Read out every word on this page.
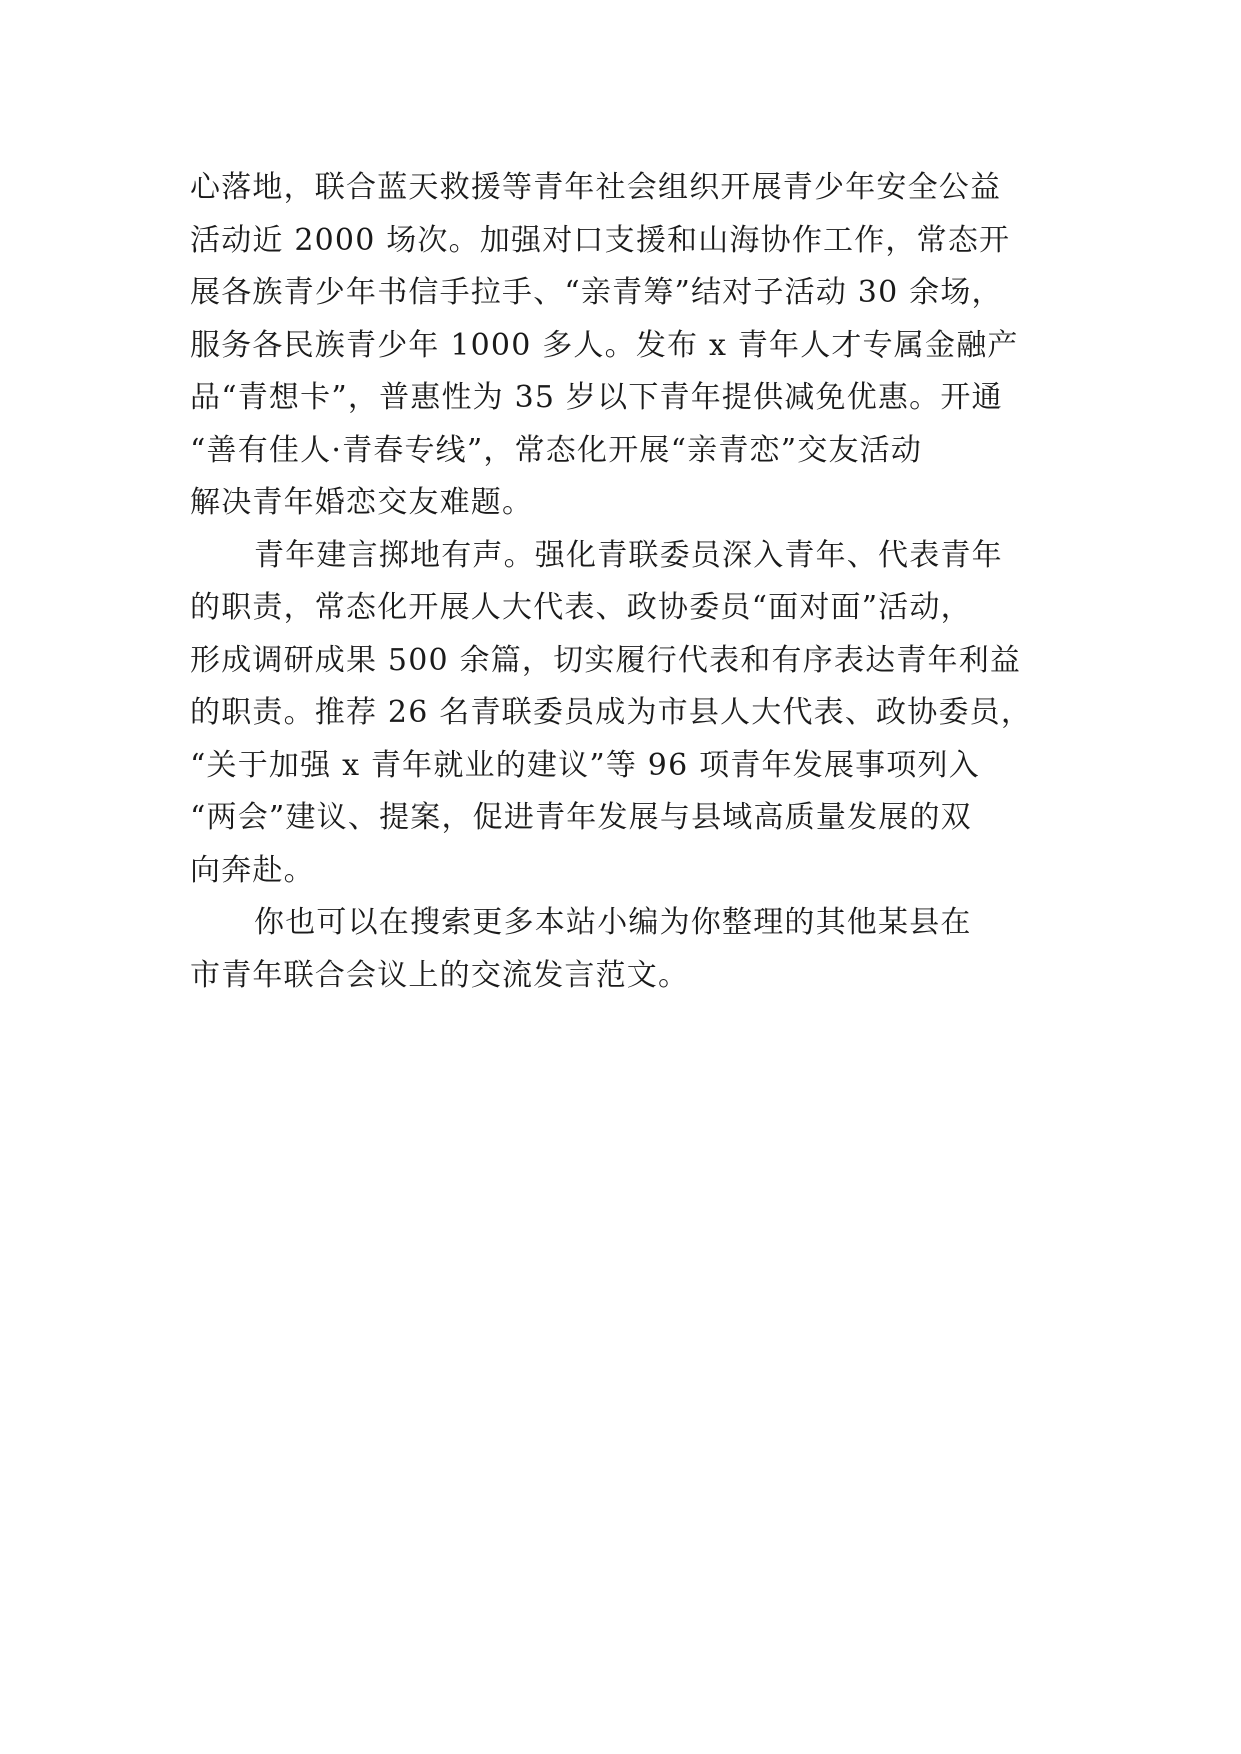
心落地，联合蓝天救援等青年社会组织开展青少年安全公益
活动近 2000 场次。加强对口支援和山海协作工作，常态开
展各族青少年书信手拉手、“亲青筹”结对子活动 30 余场，
服务各民族青少年 1000 多人。发布 x 青年人才专属金融产
品“青想卡”，普惠性为 35 岁以下青年提供减免优惠。开通
“善有佳人·青春专线”，常态化开展“亲青恋”交友活动
解决青年婚恋交友难题。
青年建言掷地有声。强化青联委员深入青年、代表青年
的职责，常态化开展人大代表、政协委员“面对面”活动，
形成调研成果 500 余篇，切实履行代表和有序表达青年利益
的职责。推荐 26 名青联委员成为市县人大代表、政协委员，
“关于加强 x 青年就业的建议”等 96 项青年发展事项列入
“两会”建议、提案，促进青年发展与县域高质量发展的双
向奔赴。
你也可以在搜索更多本站小编为你整理的其他某县在
市青年联合会议上的交流发言范文。
